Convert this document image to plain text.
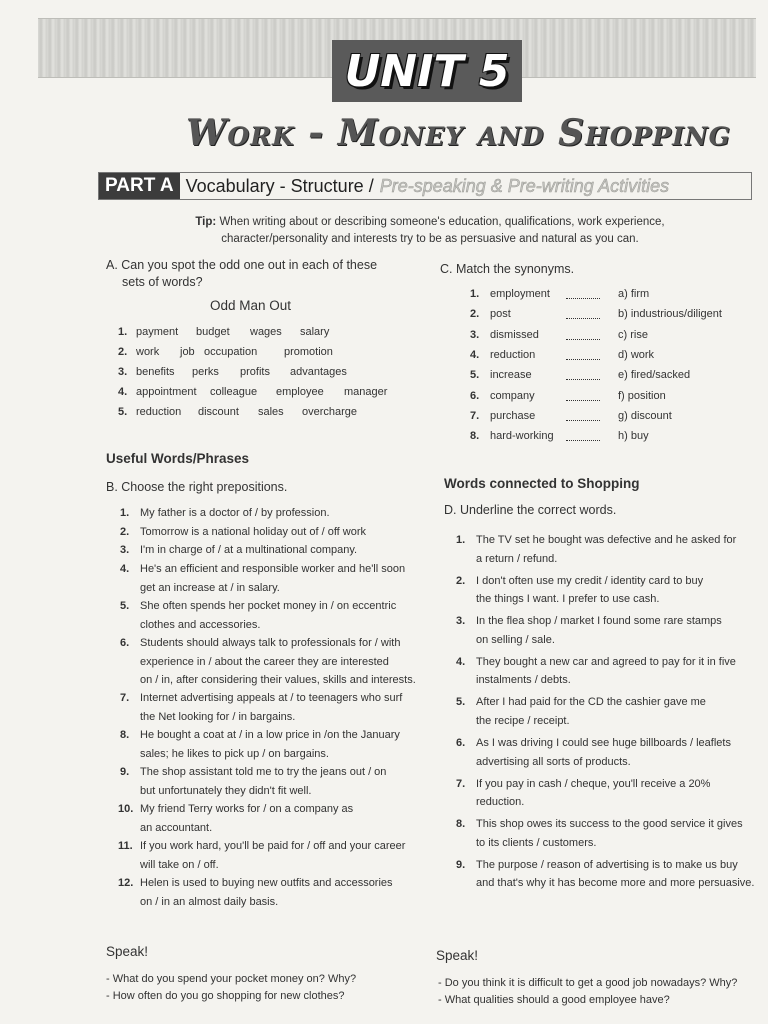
UNIT 5
Work - Money and Shopping
PART A Vocabulary - Structure / Pre-speaking & Pre-writing Activities
Tip: When writing about or describing someone's education, qualifications, work experience, character/personality and interests try to be as persuasive and natural as you can.
A. Can you spot the odd one out in each of these
sets of words?
Odd Man Out
1. payment budget wages salary
2. work job occupation promotion
3. benefits perks profits advantages
4. appointment colleague employee manager
5. reduction discount sales overcharge
C. Match the synonyms.
1. employment	a) firm
2. post	b) industrious/diligent
3. dismissed	c) rise
4. reduction	d) work
5. increase	e) fired/sacked
6. company	f) position
7. purchase	g) discount
8. hard-working	h) buy
Useful Words/Phrases
B. Choose the right prepositions.
1. My father is a doctor of / by profession.
2. Tomorrow is a national holiday out of / off work
3. I'm in charge of / at a multinational company.
4. He's an efficient and responsible worker and he'll soon
get an increase at / in salary.
5. She often spends her pocket money in / on eccentric
clothes and accessories.
6. Students should always talk to professionals for / with
experience in / about the career they are interested
on / in, after considering their values, skills and interests.
7. Internet advertising appeals at / to teenagers who surf
the Net looking for / in bargains.
8. He bought a coat at / in a low price in /on the January
sales; he likes to pick up / on bargains.
9. The shop assistant told me to try the jeans out / on
but unfortunately they didn't fit well.
10. My friend Terry works for / on a company as
an accountant.
11. If you work hard, you'll be paid for / off and your career
will take on / off.
12. Helen is used to buying new outfits and accessories
on / in an almost daily basis.
Words connected to Shopping
D. Underline the correct words.
1. The TV set he bought was defective and he asked for
a return / refund.
2. I don't often use my credit / identity card to buy
the things I want. I prefer to use cash.
3. In the flea shop / market I found some rare stamps
on selling / sale.
4. They bought a new car and agreed to pay for it in five
instalments / debts.
5. After I had paid for the CD the cashier gave me
the recipe / receipt.
6. As I was driving I could see huge billboards / leaflets
advertising all sorts of products.
7. If you pay in cash / cheque, you'll receive a 20%
reduction.
8. This shop owes its success to the good service it gives
to its clients / customers.
9. The purpose / reason of advertising is to make us buy
and that's why it has become more and more persuasive.
Speak!
- What do you spend your pocket money on? Why?
- How often do you go shopping for new clothes?
Speak!
- Do you think it is difficult to get a good job nowadays? Why?
- What qualities should a good employee have?
